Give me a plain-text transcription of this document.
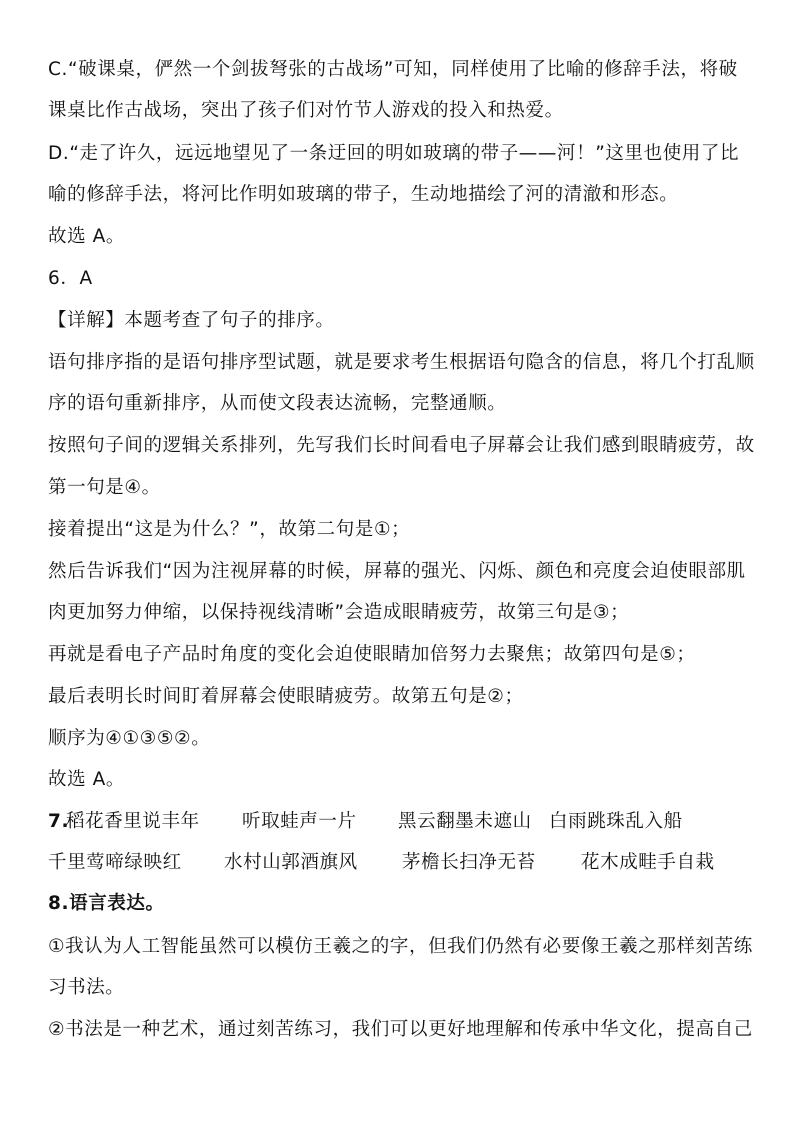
C.“破课桌，俨然一个剑拔弩张的古战场”可知，同样使用了比喻的修辞手法，将破
课桌比作古战场，突出了孩子们对竹节人游戏的投入和热爱。
D.“走了许久，远远地望见了一条迂回的明如玻璃的带子——河！”这里也使用了比
喻的修辞手法，将河比作明如玻璃的带子，生动地描绘了河的清澈和形态。
故选 A。
6．A
【详解】本题考查了句子的排序。
语句排序指的是语句排序型试题，就是要求考生根据语句隐含的信息，将几个打乱顺
序的语句重新排序，从而使文段表达流畅，完整通顺。
按照句子间的逻辑关系排列，先写我们长时间看电子屏幕会让我们感到眼睛疲劳，故
第一句是④。
接着提出“这是为什么？”，故第二句是①；
然后告诉我们“因为注视屏幕的时候，屏幕的强光、闪烁、颜色和亮度会迫使眼部肌
肉更加努力伸缩，以保持视线清晰”会造成眼睛疲劳，故第三句是③；
再就是看电子产品时角度的变化会迫使眼睛加倍努力去聚焦；故第四句是⑤；
最后表明长时间盯着屏幕会使眼睛疲劳。故第五句是②；
顺序为④①③⑤②。
故选 A。
7.
稻花香里说丰年 听取蛙声一片 黑云翻墨未遮山 白雨跳珠乱入船
千里莺啼绿映红 水村山郭酒旗风 茅檐长扫净无苔 花木成畦手自栽
8.语言表达。
①我认为人工智能虽然可以模仿王羲之的字，但我们仍然有必要像王羲之那样刻苦练
习书法。
②书法是一种艺术，通过刻苦练习，我们可以更好地理解和传承中华文化，提高自己
